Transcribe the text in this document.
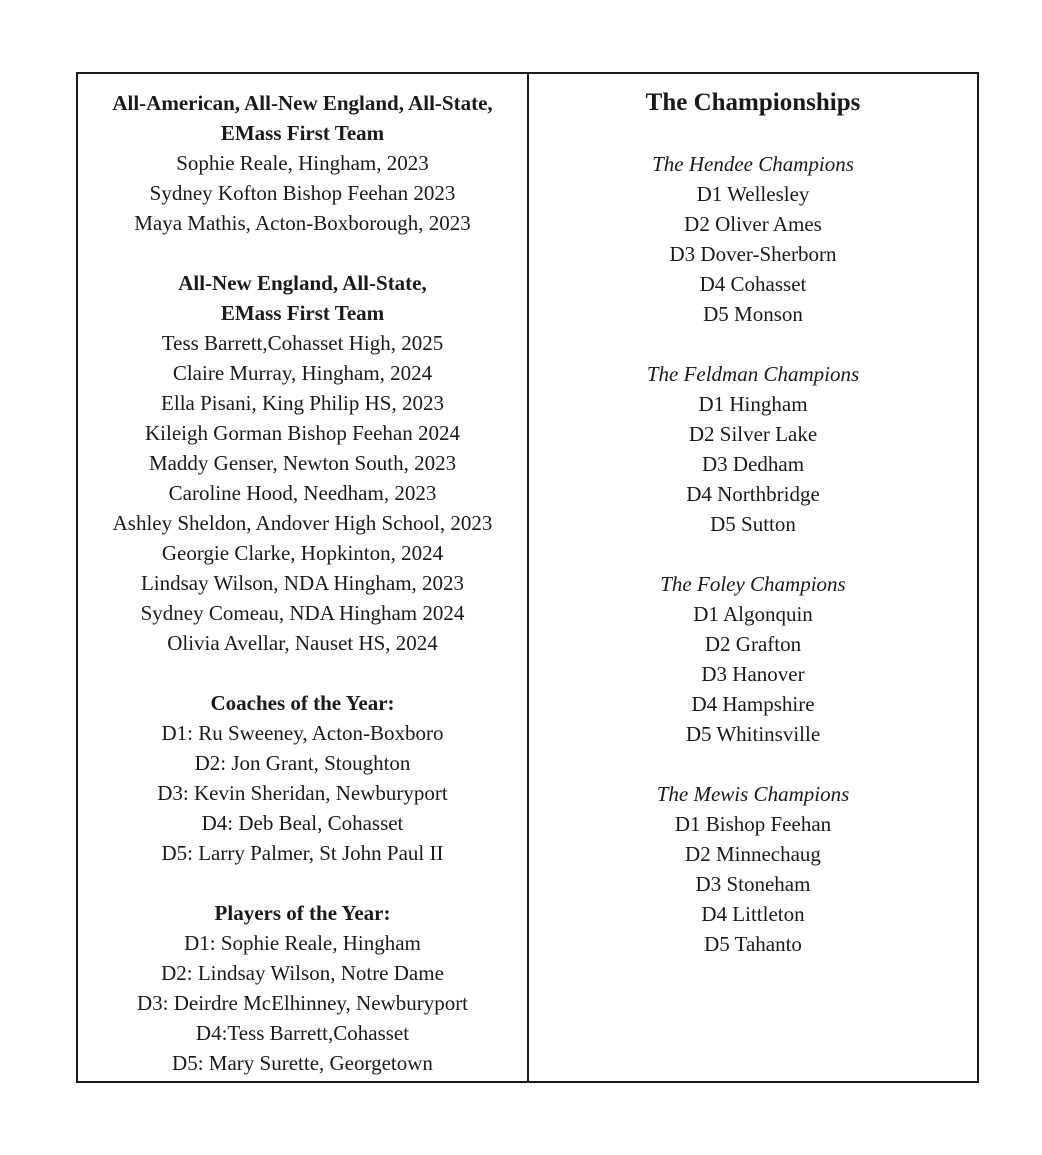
All-American, All-New England, All-State,
EMass First Team
Sophie Reale, Hingham, 2023
Sydney Kofton Bishop Feehan 2023
Maya Mathis, Acton-Boxborough, 2023
All-New England, All-State,
EMass First Team
Tess Barrett,Cohasset High, 2025
Claire Murray, Hingham, 2024
Ella Pisani, King Philip HS, 2023
Kileigh Gorman Bishop Feehan 2024
Maddy Genser, Newton South, 2023
Caroline Hood, Needham, 2023
Ashley Sheldon, Andover High School, 2023
Georgie Clarke, Hopkinton, 2024
Lindsay Wilson, NDA Hingham, 2023
Sydney Comeau, NDA Hingham 2024
Olivia Avellar, Nauset HS, 2024
Coaches of the Year:
D1: Ru Sweeney, Acton-Boxboro
D2: Jon Grant, Stoughton
D3: Kevin Sheridan, Newburyport
D4: Deb Beal, Cohasset
D5: Larry Palmer, St John Paul II
Players of the Year:
D1: Sophie Reale, Hingham
D2: Lindsay Wilson, Notre Dame
D3: Deirdre McElhinney, Newburyport
D4:Tess Barrett,Cohasset
D5: Mary Surette, Georgetown
The Championships
The Hendee Champions
D1 Wellesley
D2 Oliver Ames
D3 Dover-Sherborn
D4 Cohasset
D5 Monson
The Feldman Champions
D1 Hingham
D2 Silver Lake
D3 Dedham
D4 Northbridge
D5 Sutton
The Foley Champions
D1 Algonquin
D2 Grafton
D3 Hanover
D4 Hampshire
D5 Whitinsville
The Mewis Champions
D1 Bishop Feehan
D2 Minnechaug
D3 Stoneham
D4 Littleton
D5 Tahanto
